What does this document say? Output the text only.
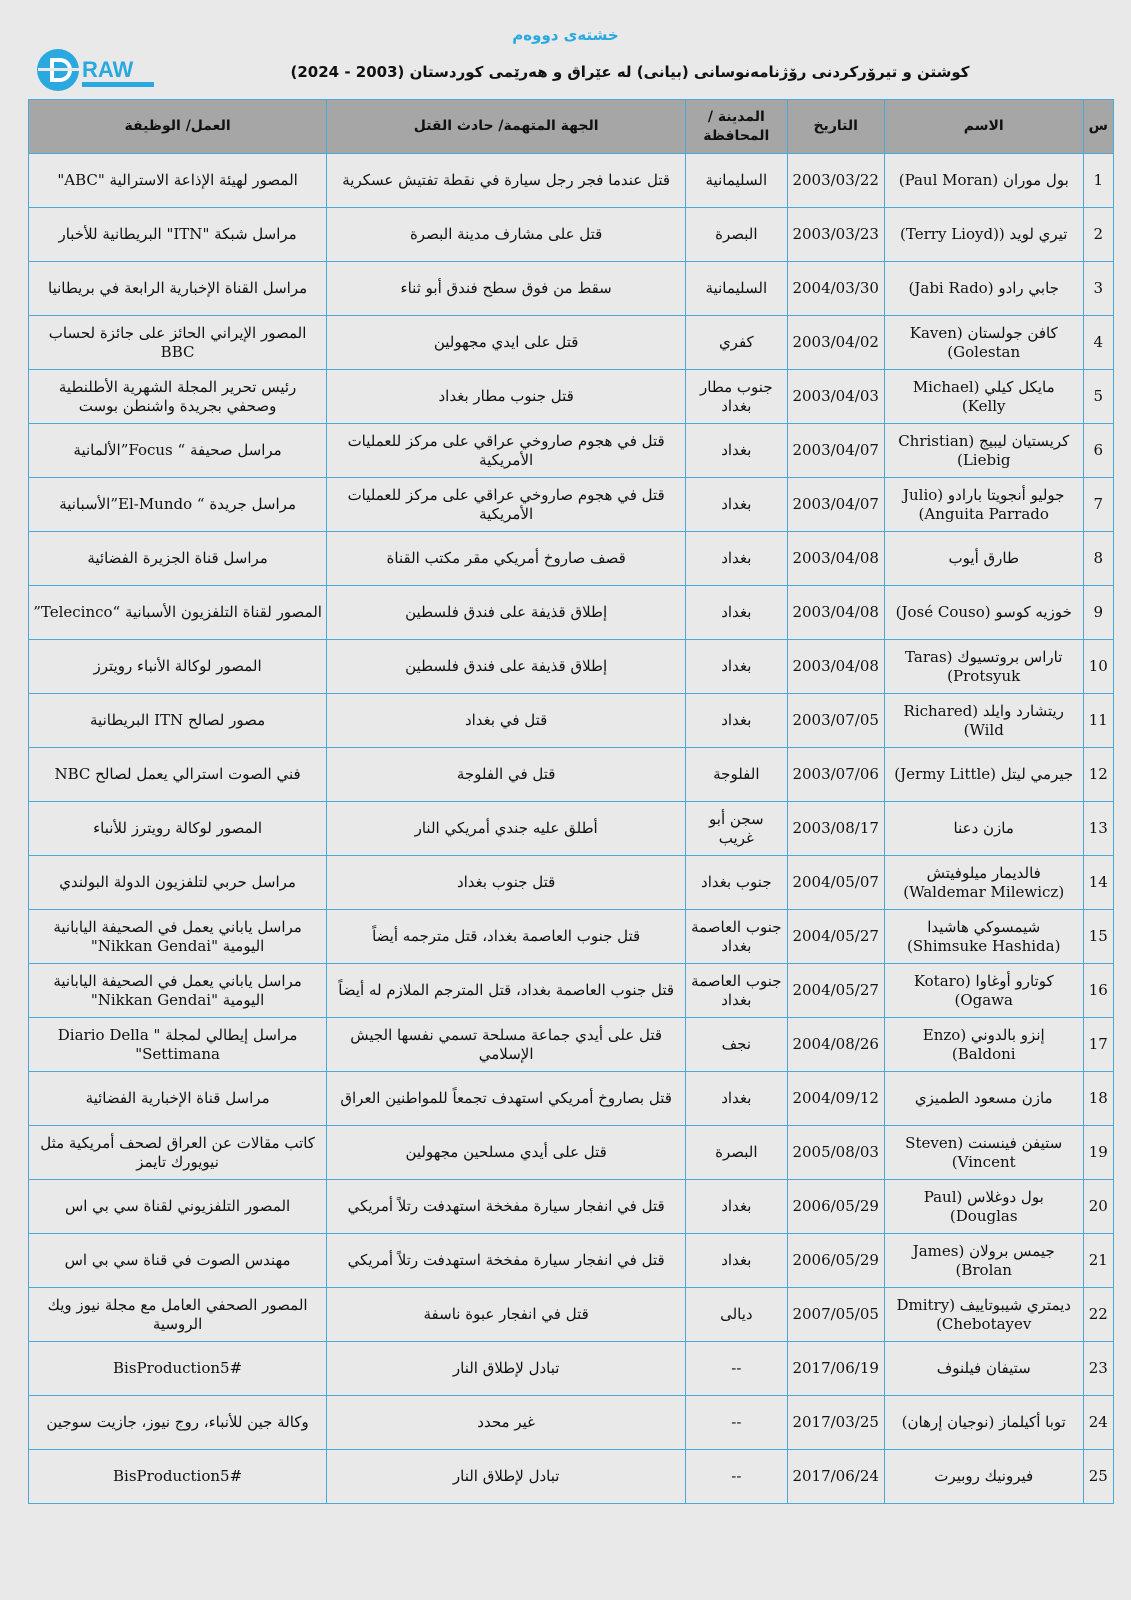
خشتەی دووەم
RAW	كوشتن و تیرۆركردنی رۆژنامەنوسانی (بیانی) لە عێراق و هەرێمی كوردستان (2003 - 2024)
س	الاسم	التاريخ	المدينة /المحافظة	الجهة المتهمة/ حادث القتل	العمل/ الوظيفة
1	بول موران (Paul Moran)	2003/03/22	السليمانية	قتل عندما فجر رجل سيارة في نقطة تفتيش عسكرية	المصور لهيئة الإذاعة الاسترالية "ABC"
2	تيري لويد ((Terry Lioyd)	2003/03/23	البصرة	قتل على مشارف مدينة البصرة	مراسل شبكة "ITN" البريطانية للأخبار
3	جابي رادو (Jabi Rado)	2004/03/30	السليمانية	سقط من فوق سطح فندق أبو ثناء	مراسل القناة الإخبارية الرابعة في بريطانيا
4	كافن جولستان (Kaven Golestan)	2003/04/02	كفري	قتل على ايدي مجهولين	المصور الإيراني الحائز على جائزة لحساب BBC
5	مايكل كيلي (Michael Kelly)	2003/04/03	جنوب مطار بغداد	قتل جنوب مطار بغداد	رئيس تحرير المجلة الشهرية الأطلنطية وصحفي بجريدة واشنطن بوست
6	كريستيان ليبيج (Christian Liebig)	2003/04/07	بغداد	قتل في هجوم صاروخي عراقي على مركز للعمليات الأمريكية	مراسل صحيفة “ Focus”الألمانية
7	جوليو أنجويتا بارادو (Julio Anguita Parrado)	2003/04/07	بغداد	قتل في هجوم صاروخي عراقي على مركز للعمليات الأمريكية	مراسل جريدة “ El-Mundo”الأسبانية
8	طارق أيوب	2003/04/08	بغداد	قصف صاروخ أمريكي مقر مكتب القناة	مراسل قناة الجزيرة الفضائية
9	خوزيه كوسو (José Couso)	2003/04/08	بغداد	إطلاق قذيفة على فندق فلسطين	المصور لقناة التلفزيون الأسبانية “Telecinco”
10	تاراس بروتسيوك (Taras Protsyuk)	2003/04/08	بغداد	إطلاق قذيفة على فندق فلسطين	المصور لوكالة الأنباء رويترز
11	ريتشارد وايلد (Richared Wild)	2003/07/05	بغداد	قتل في بغداد	مصور لصالح ITN البريطانية
12	جيرمي ليتل (Jermy Little)	2003/07/06	الفلوجة	قتل في الفلوجة	فني الصوت استرالي يعمل لصالح NBC
13	مازن دعنا	2003/08/17	سجن أبو غريب	أطلق عليه جندي أمريكي النار	المصور لوكالة رويترز للأنباء
14	فالديمار ميلوفيتش (Waldemar Milewicz)	2004/05/07	جنوب بغداد	قتل جنوب بغداد	مراسل حربي لتلفزيون الدولة البولندي
15	شيمسوكي هاشيدا (Shimsuke Hashida)	2004/05/27	جنوب العاصمة بغداد	قتل جنوب العاصمة بغداد، قتل مترجمه أيضاً	مراسل ياباني يعمل في الصحيفة اليابانية اليومية "Nikkan Gendai"
16	كوتارو أوغاوا (Kotaro Ogawa)	2004/05/27	جنوب العاصمة بغداد	قتل جنوب العاصمة بغداد، قتل المترجم الملازم له أيضاً	مراسل ياباني يعمل في الصحيفة اليابانية اليومية "Nikkan Gendai"
17	إنزو بالدوني (Enzo Baldoni)	2004/08/26	نجف	قتل على أيدي جماعة مسلحة تسمي نفسها الجيش الإسلامي	مراسل إيطالي لمجلة " Diario Della Settimana"
18	مازن مسعود الطميزي	2004/09/12	بغداد	قتل بصاروخ أمريكي استهدف تجمعاً للمواطنين العراق	مراسل قناة الإخبارية الفضائية
19	ستيفن فينسنت (Steven Vincent)	2005/08/03	البصرة	قتل على أيدي مسلحين مجهولين	كاتب مقالات عن العراق لصحف أمريكية مثل نيويورك تايمز
20	بول دوغلاس (Paul Douglas)	2006/05/29	بغداد	قتل في انفجار سيارة مفخخة استهدفت رتلاً أمريكي	المصور التلفزيوني لقناة سي بي اس
21	جيمس برولان (James Brolan)	2006/05/29	بغداد	قتل في انفجار سيارة مفخخة استهدفت رتلاً أمريكي	مهندس الصوت في قناة سي بي اس
22	ديمتري شيبوتاييف (Dmitry Chebotayev)	2007/05/05	ديالى	قتل في انفجار عبوة ناسفة	المصور الصحفي العامل مع مجلة نيوز ويك الروسية
23	ستيفان فيلنوف	2017/06/19	--	تبادل لإطلاق النار	BisProduction5#
24	توبا أكيلماز (نوجيان إرهان)	2017/03/25	--	غير محدد	وكالة جين للأنباء، روج نيوز، جازيت سوجين
25	فيرونيك روبيرت	2017/06/24	--	تبادل لإطلاق النار	BisProduction5#
